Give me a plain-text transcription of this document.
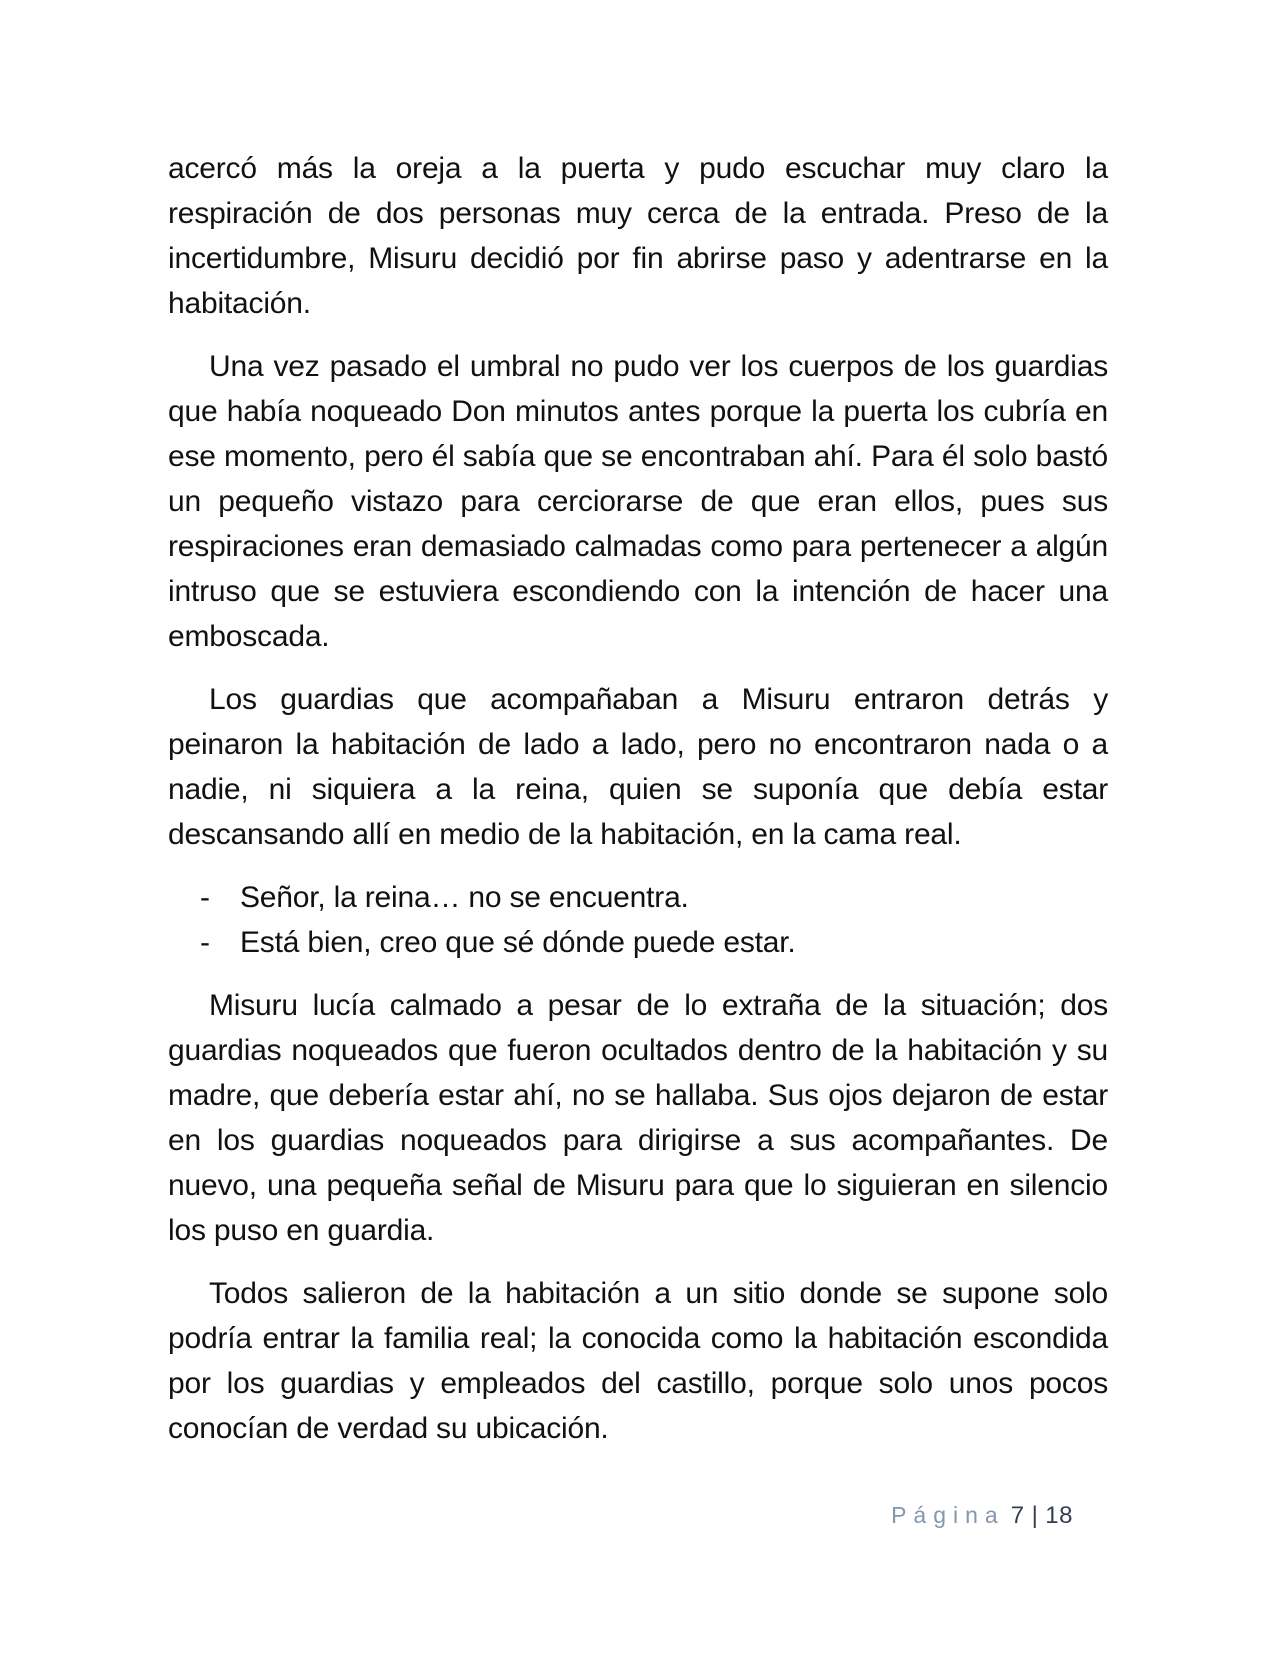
acercó más la oreja a la puerta y pudo escuchar muy claro la respiración de dos personas muy cerca de la entrada. Preso de la incertidumbre, Misuru decidió por fin abrirse paso y adentrarse en la habitación.

Una vez pasado el umbral no pudo ver los cuerpos de los guardias que había noqueado Don minutos antes porque la puerta los cubría en ese momento, pero él sabía que se encontraban ahí. Para él solo bastó un pequeño vistazo para cerciorarse de que eran ellos, pues sus respiraciones eran demasiado calmadas como para pertenecer a algún intruso que se estuviera escondiendo con la intención de hacer una emboscada.

Los guardias que acompañaban a Misuru entraron detrás y peinaron la habitación de lado a lado, pero no encontraron nada o a nadie, ni siquiera a la reina, quien se suponía que debía estar descansando allí en medio de la habitación, en la cama real.

- Señor, la reina… no se encuentra.

- Está bien, creo que sé dónde puede estar.

Misuru lucía calmado a pesar de lo extraña de la situación; dos guardias noqueados que fueron ocultados dentro de la habitación y su madre, que debería estar ahí, no se hallaba. Sus ojos dejaron de estar en los guardias noqueados para dirigirse a sus acompañantes. De nuevo, una pequeña señal de Misuru para que lo siguieran en silencio los puso en guardia.

Todos salieron de la habitación a un sitio donde se supone solo podría entrar la familia real; la conocida como la habitación escondida por los guardias y empleados del castillo, porque solo unos pocos conocían de verdad su ubicación.

Página 7 | 18
